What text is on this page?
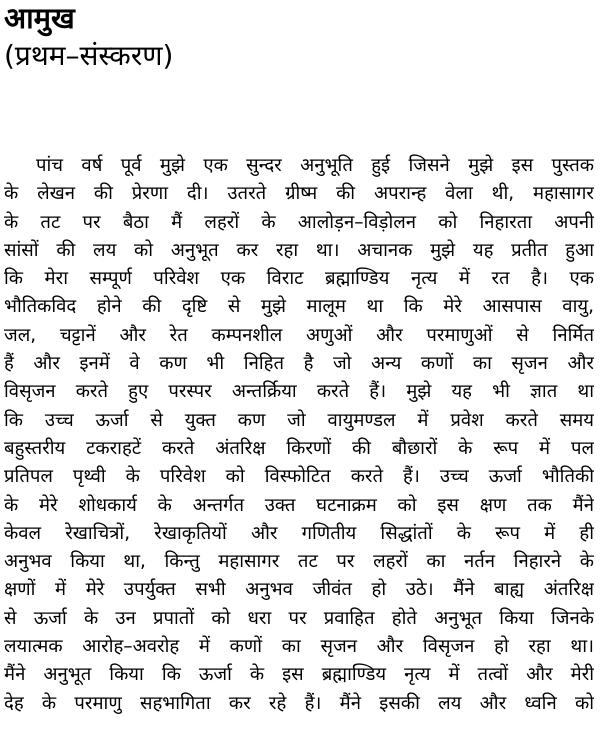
आमुख
(प्रथम–संस्करण)
पांच वर्ष पूर्व मुझे एक सुन्दर अनुभूति हुई जिसने मुझे इस पुस्तक
के लेखन की प्रेरणा दी। उतरते ग्रीष्म की अपरान्ह वेला थी, महासागर
के तट पर बैठा मैं लहरों के आलोड़न–विड़ोलन को निहारता अपनी
सांसों की लय को अनुभूत कर रहा था। अचानक मुझे यह प्रतीत हुआ
कि मेरा सम्पूर्ण परिवेश एक विराट ब्रह्माण्डिय नृत्य में रत है। एक
भौतिकविद होने की दृष्टि से मुझे मालूम था कि मेरे आसपास वायु,
जल, चट्टानें और रेत कम्पनशील अणुओं और परमाणुओं से निर्मित
हैं और इनमें वे कण भी निहित है जो अन्य कणों का सृजन और
विसृजन करते हुए परस्पर अन्तर्क्रिया करते हैं। मुझे यह भी ज्ञात था
कि उच्च ऊर्जा से युक्त कण जो वायुमण्डल में प्रवेश करते समय
बहुस्तरीय टकराहटें करते अंतरिक्ष किरणों की बौछारों के रूप में पल
प्रतिपल पृथ्वी के परिवेश को विस्फोटित करते हैं। उच्च ऊर्जा भौतिकी
के मेरे शोधकार्य के अन्तर्गत उक्त घटनाक्रम को इस क्षण तक मैंने
केवल रेखाचित्रों, रेखाकृतियों और गणितीय सिद्धांतों के रूप में ही
अनुभव किया था, किन्तु महासागर तट पर लहरों का नर्तन निहारने के
क्षणों में मेरे उपर्युक्त सभी अनुभव जीवंत हो उठे। मैंने बाह्य अंतरिक्ष
से ऊर्जा के उन प्रपातों को धरा पर प्रवाहित होते अनुभूत किया जिनके
लयात्मक आरोह–अवरोह में कणों का सृजन और विसृजन हो रहा था।
मैंने अनुभूत किया कि ऊर्जा के इस ब्रह्माण्डिय नृत्य में तत्वों और मेरी
देह के परमाणु सहभागिता कर रहे हैं। मैंने इसकी लय और ध्वनि को
